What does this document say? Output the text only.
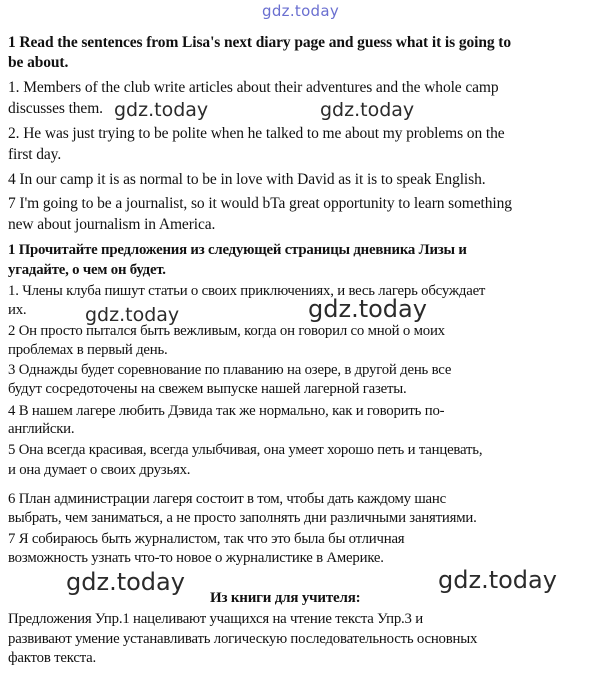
gdz.today
1 Read the sentences from Lisa's next diary page and guess what it is going to
be about.
1. Members of the club write articles about their adventures and the whole camp
discusses them. gdz.today	gdz.today
2. He was just trying to be polite when he talked to me about my problems on the
first day.
4 In our camp it is as normal to be in love with David as it is to speak English.
7 I'm going to be a journalist, so it would bTa great opportunity to learn something
new about journalism in America.
1 Прочитайте предложения из следующей страницы дневника Лизы и
угадайте, о чем он будет.
1. Члены клуба пишут статьи о своих приключениях, и весь лагерь обсуждает
их.	gdz.today	gdz.today
2 Он просто пытался быть вежливым, когда он говорил со мной о моих
проблемах в первый день.
3 Однажды будет соревнование по плаванию на озере, в другой день все
будут сосредоточены на свежем выпуске нашей лагерной газеты.
4 В нашем лагере любить Дэвида так же нормально, как и говорить по-
английски.
5 Она всегда красивая, всегда улыбчивая, она умеет хорошо петь и танцевать,
и она думает о своих друзьях.
6 План администрации лагеря состоит в том, чтобы дать каждому шанс
выбрать, чем заниматься, а не просто заполнять дни различными занятиями.
7 Я собираюсь быть журналистом, так что это была бы отличная
возможность узнать что-то новое о журналистике в Америке.
gdz.today	gdz.today
Из книги для учителя:
Предложения Упр.1 нацеливают учащихся на чтение текста Упр.3 и
развивают умение устанавливать логическую последовательность основных
фактов текста.
